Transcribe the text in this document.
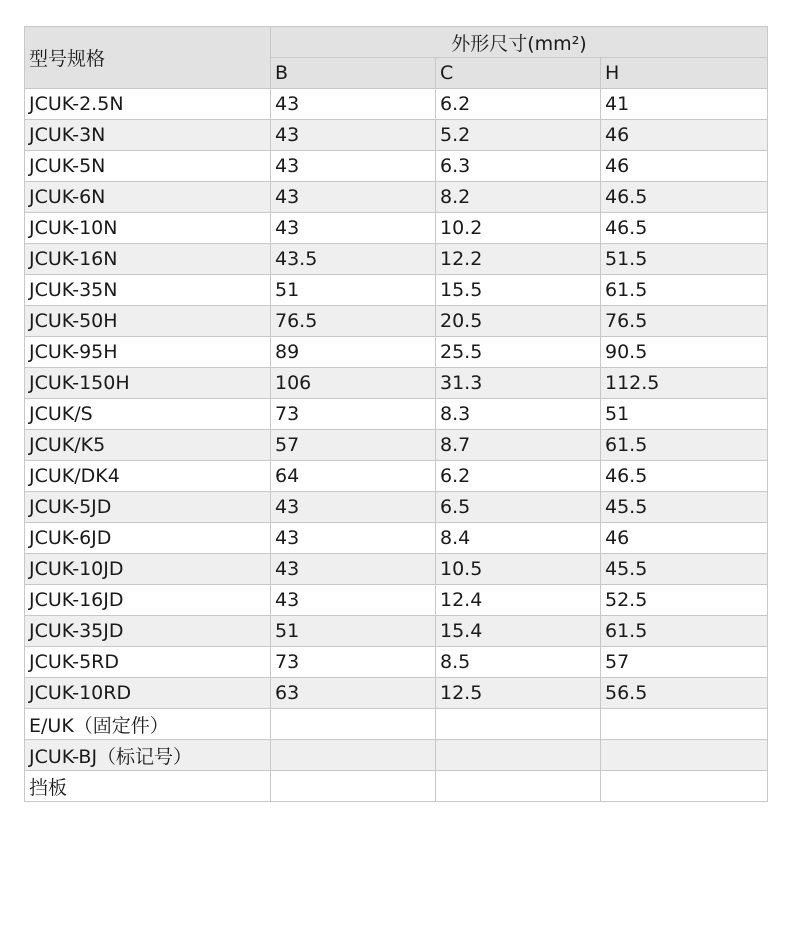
型号规格	外形尺寸(mm²)		
	B	C	H
JCUK-2.5N	43	6.2	41
JCUK-3N	43	5.2	46
JCUK-5N	43	6.3	46
JCUK-6N	43	8.2	46.5
JCUK-10N	43	10.2	46.5
JCUK-16N	43.5	12.2	51.5
JCUK-35N	51	15.5	61.5
JCUK-50H	76.5	20.5	76.5
JCUK-95H	89	25.5	90.5
JCUK-150H	106	31.3	112.5
JCUK/S	73	8.3	51
JCUK/K5	57	8.7	61.5
JCUK/DK4	64	6.2	46.5
JCUK-5JD	43	6.5	45.5
JCUK-6JD	43	8.4	46
JCUK-10JD	43	10.5	45.5
JCUK-16JD	43	12.4	52.5
JCUK-35JD	51	15.4	61.5
JCUK-5RD	73	8.5	57
JCUK-10RD	63	12.5	56.5
E/UK（固定件）			
JCUK-BJ（标记号）			
挡板			
